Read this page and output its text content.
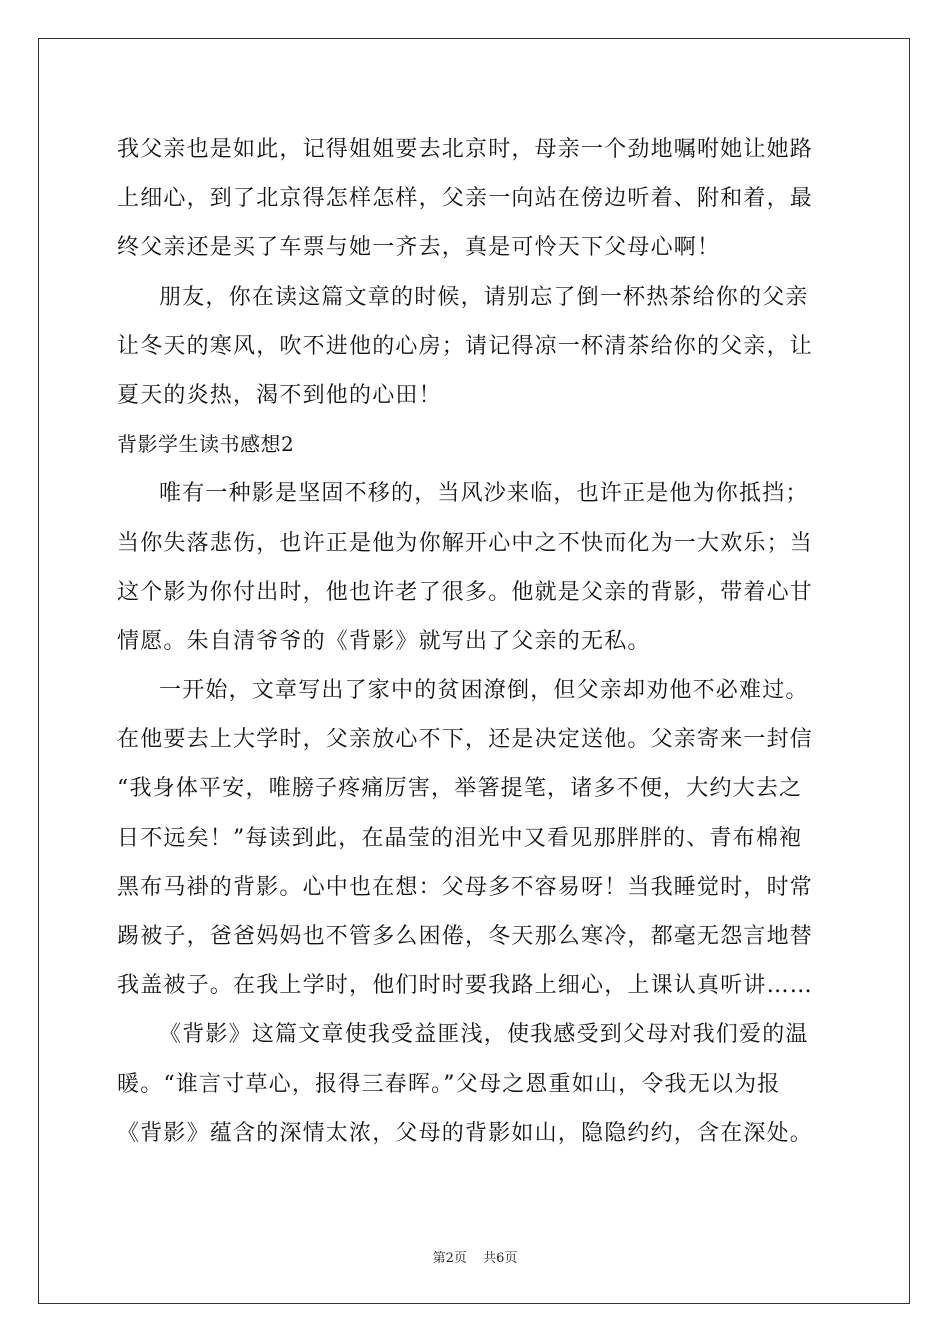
我父亲也是如此，记得姐姐要去北京时，母亲一个劲地嘱咐她让她路
上细心，到了北京得怎样怎样，父亲一向站在傍边听着、附和着，最
终父亲还是买了车票与她一齐去，真是可怜天下父母心啊！
朋友，你在读这篇文章的时候，请别忘了倒一杯热茶给你的父亲
让冬天的寒风，吹不进他的心房；请记得凉一杯清茶给你的父亲，让
夏天的炎热，渴不到他的心田！
背影学生读书感想2
唯有一种影是坚固不移的，当风沙来临，也许正是他为你抵挡；
当你失落悲伤，也许正是他为你解开心中之不快而化为一大欢乐；当
这个影为你付出时，他也许老了很多。他就是父亲的背影，带着心甘
情愿。朱自清爷爷的《背影》就写出了父亲的无私。
一开始，文章写出了家中的贫困潦倒，但父亲却劝他不必难过。
在他要去上大学时，父亲放心不下，还是决定送他。父亲寄来一封信
“我身体平安，唯膀子疼痛厉害，举箸提笔，诸多不便，大约大去之
日不远矣！”每读到此，在晶莹的泪光中又看见那胖胖的、青布棉袍
黑布马褂的背影。心中也在想：父母多不容易呀！当我睡觉时，时常
踢被子，爸爸妈妈也不管多么困倦，冬天那么寒冷，都毫无怨言地替
我盖被子。在我上学时，他们时时要我路上细心，上课认真听讲……
《背影》这篇文章使我受益匪浅，使我感受到父母对我们爱的温
暖。“谁言寸草心，报得三春晖。”父母之恩重如山，令我无以为报
《背影》蕴含的深情太浓，父母的背影如山，隐隐约约，含在深处。
第2页 共6页
